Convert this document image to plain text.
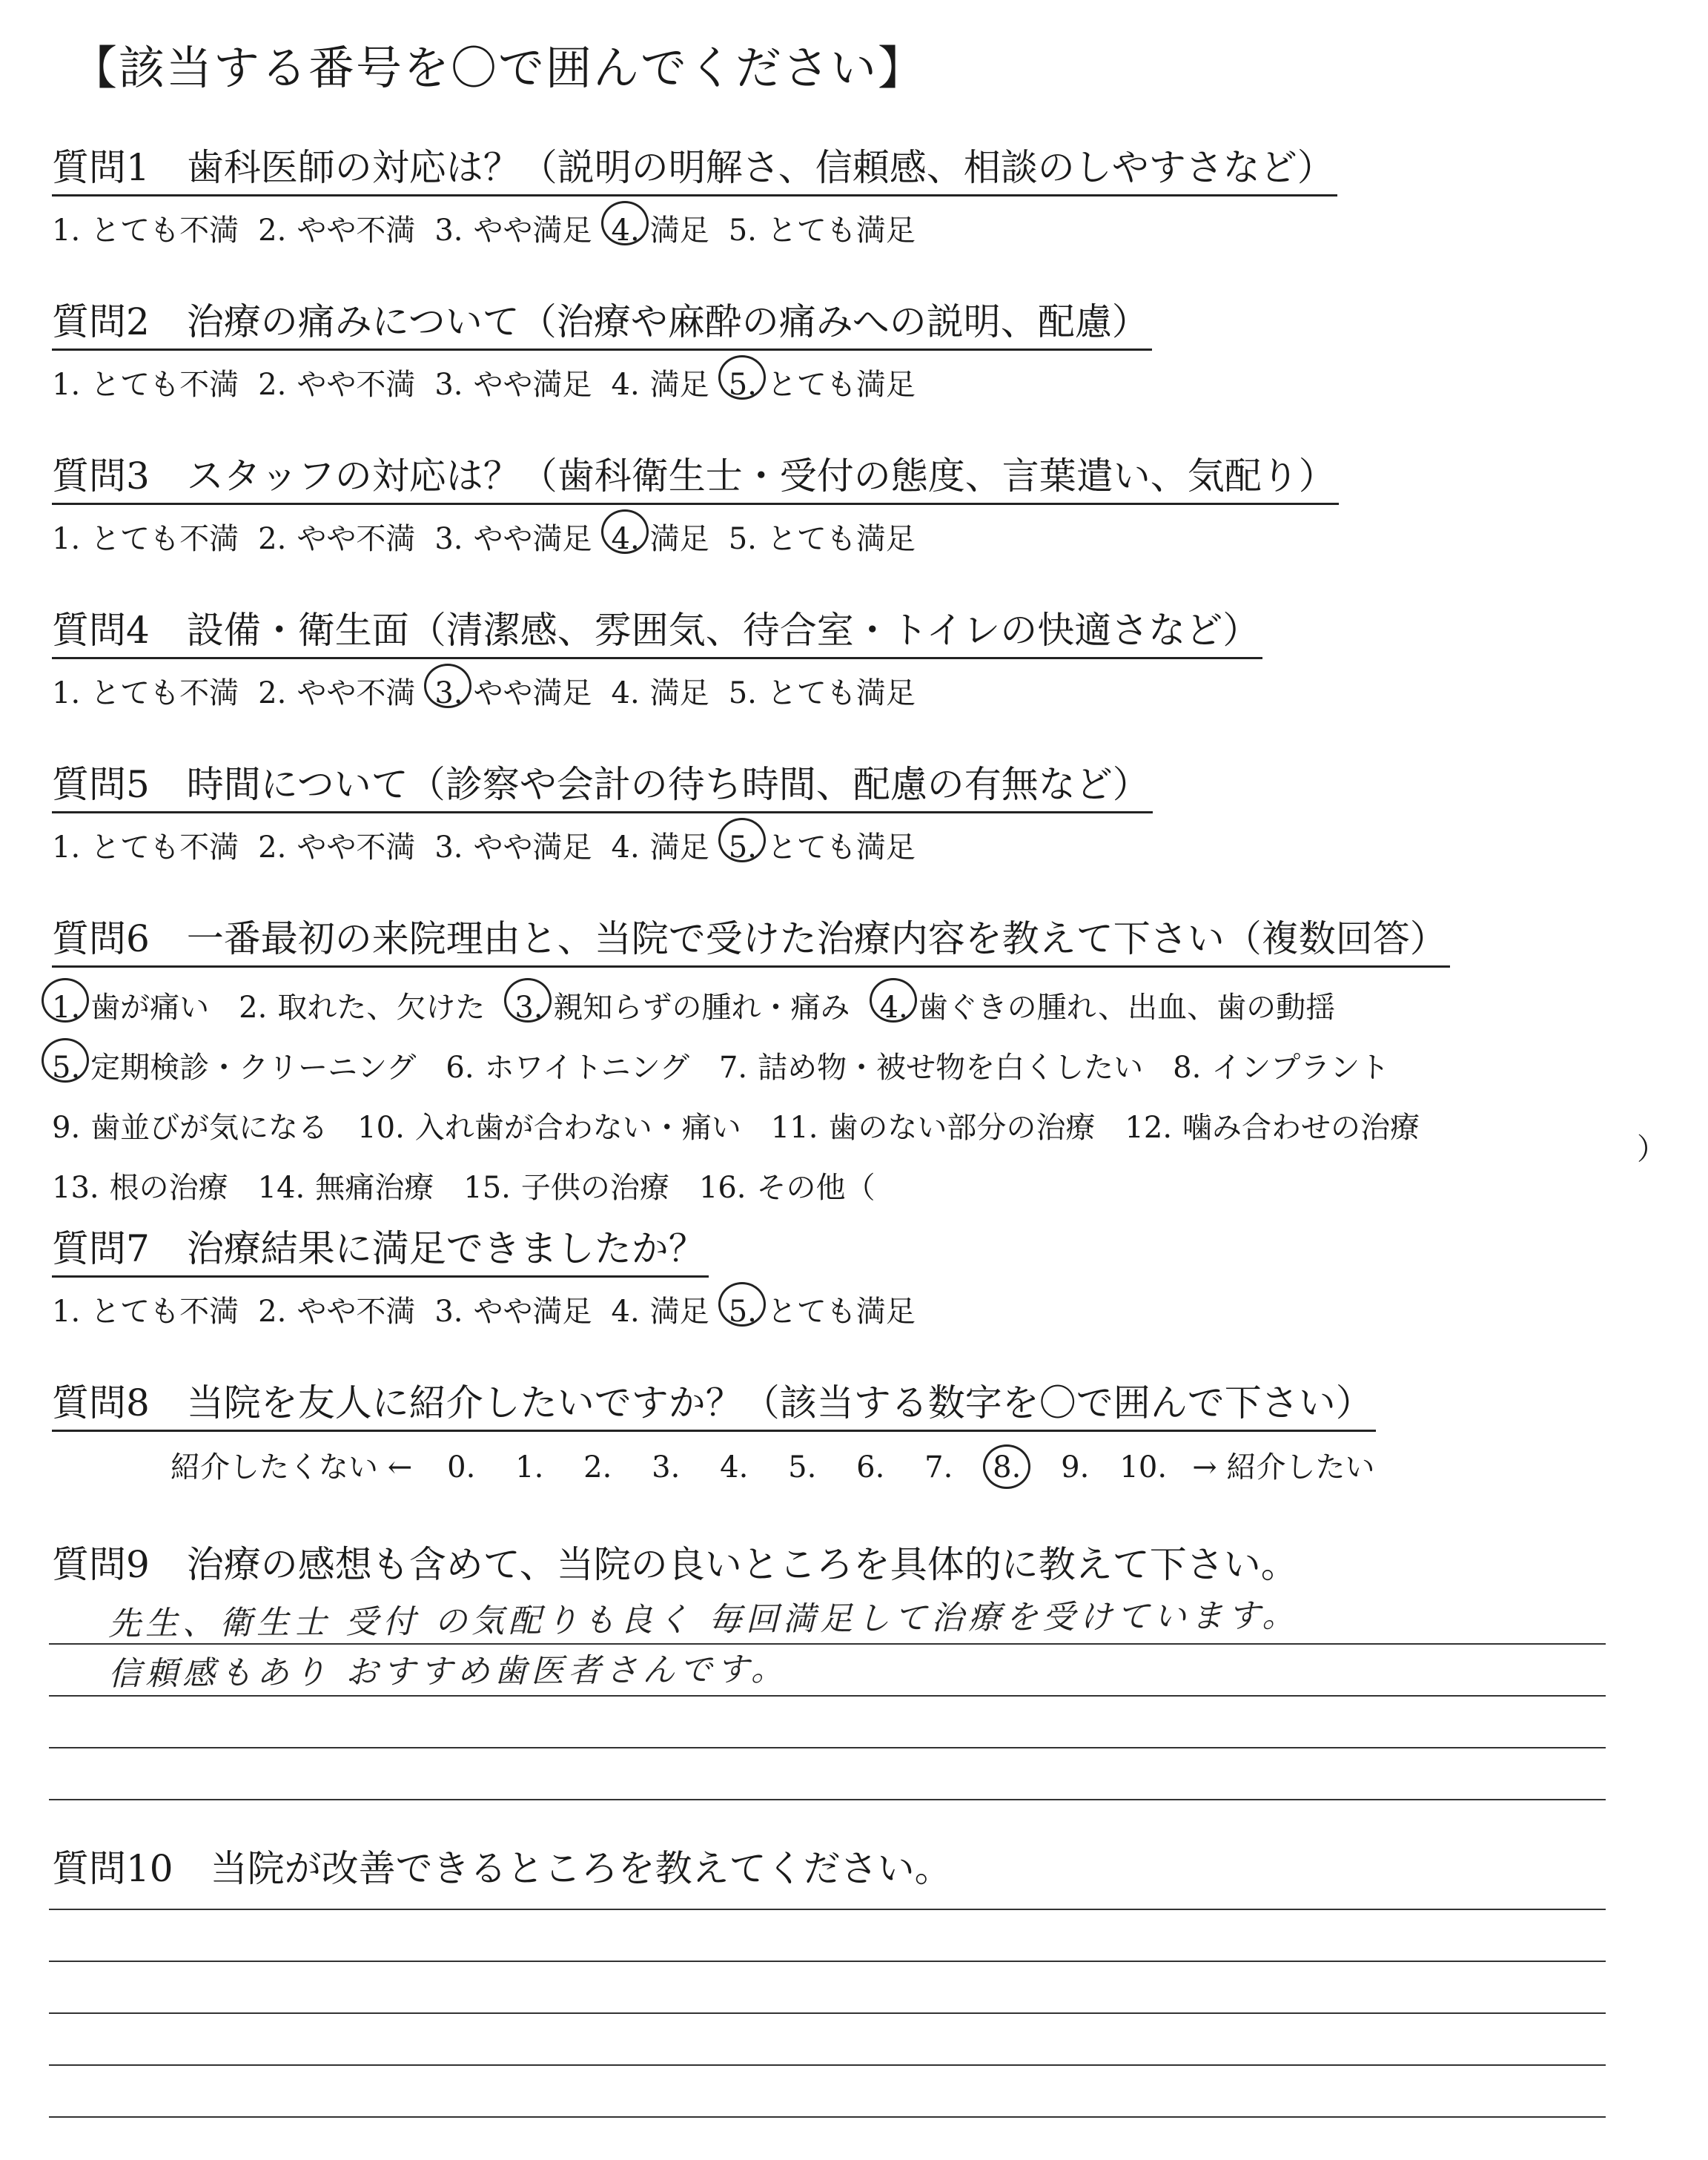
【該当する番号を〇で囲んでください】
質問1　歯科医師の対応は？（説明の明解さ、信頼感、相談のしやすさなど）
1. とても不満 2. やや不満 3. やや満足 4. 満足 5. とても満足
質問2　治療の痛みについて（治療や麻酔の痛みへの説明、配慮）
1. とても不満 2. やや不満 3. やや満足 4. 満足 5. とても満足
質問3　スタッフの対応は？（歯科衛生士・受付の態度、言葉遣い、気配り）
1. とても不満 2. やや不満 3. やや満足 4. 満足 5. とても満足
質問4　設備・衛生面（清潔感、雰囲気、待合室・トイレの快適さなど）
1. とても不満 2. やや不満 3. やや満足 4. 満足 5. とても満足
質問5　時間について（診察や会計の待ち時間、配慮の有無など）
1. とても不満 2. やや不満 3. やや満足 4. 満足 5. とても満足
質問6　一番最初の来院理由と、当院で受けた治療内容を教えて下さい（複数回答）
1. 歯が痛い 2. 取れた、欠けた 3. 親知らずの腫れ・痛み 4. 歯ぐきの腫れ、出血、歯の動揺
5. 定期検診・クリーニング 6. ホワイトニング 7. 詰め物・被せ物を白くしたい 8. インプラント
9. 歯並びが気になる 10. 入れ歯が合わない・痛い 11. 歯のない部分の治療 12. 噛み合わせの治療
13. 根の治療 14. 無痛治療 15. 子供の治療 16. その他（
）
質問7　治療結果に満足できましたか？
1. とても不満 2. やや不満 3. やや満足 4. 満足 5. とても満足
質問8　当院を友人に紹介したいですか？（該当する数字を〇で囲んで下さい）
紹介したくない ←	0.	1.	2.	3.	4.	5.	6.	7.	8.	9.	10. → 紹介したい
質問9　治療の感想も含めて、当院の良いところを具体的に教えて下さい。
先生、衛生士 受付 の気配りも良く 毎回満足して治療を受けています。
信頼感もあり おすすめ歯医者さんです。
質問10　当院が改善できるところを教えてください。
